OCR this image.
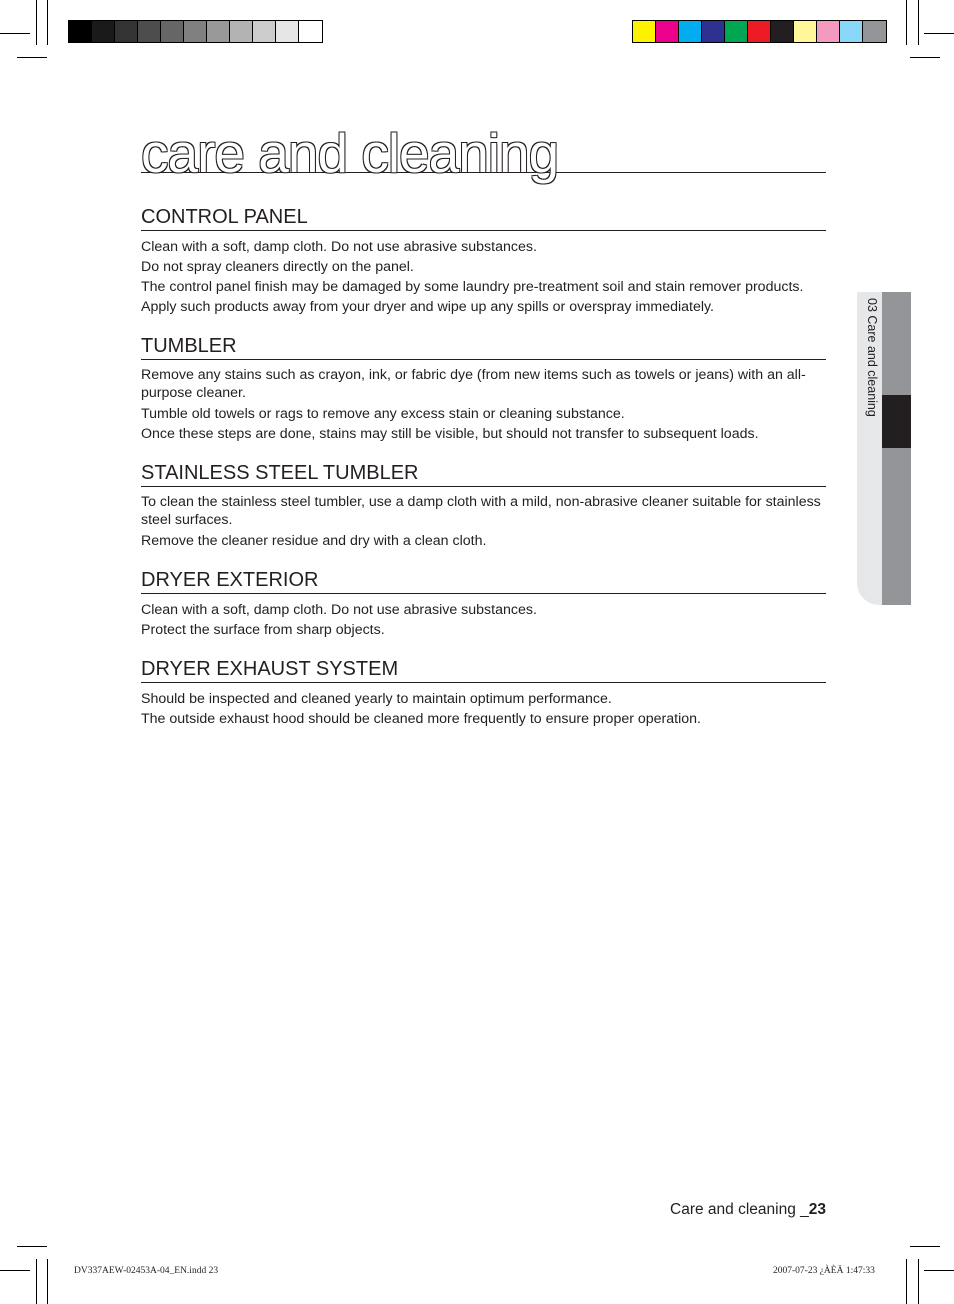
care and cleaning
CONTROL PANEL

Clean with a soft, damp cloth. Do not use abrasive substances.

Do not spray cleaners directly on the panel.

The control panel finish may be damaged by some laundry pre-treatment soil and stain remover products.

Apply such products away from your dryer and wipe up any spills or overspray immediately.

TUMBLER

Remove any stains such as crayon, ink, or fabric dye (from new items such as towels or jeans) with an all-purpose cleaner.

Tumble old towels or rags to remove any excess stain or cleaning substance.

Once these steps are done, stains may still be visible, but should not transfer to subsequent loads.

STAINLESS STEEL TUMBLER

To clean the stainless steel tumbler, use a damp cloth with a mild, non-abrasive cleaner suitable for stainless steel surfaces.

Remove the cleaner residue and dry with a clean cloth.

DRYER EXTERIOR

Clean with a soft, damp cloth. Do not use abrasive substances.

Protect the surface from sharp objects.

DRYER EXHAUST SYSTEM

Should be inspected and cleaned yearly to maintain optimum performance.

The outside exhaust hood should be cleaned more frequently to ensure proper operation.

03 Care and cleaning
Care and cleaning _23
DV337AEW-02453A-04_EN.indd 23	2007-07-23 ¿ÀÈÄ 1:47:33
